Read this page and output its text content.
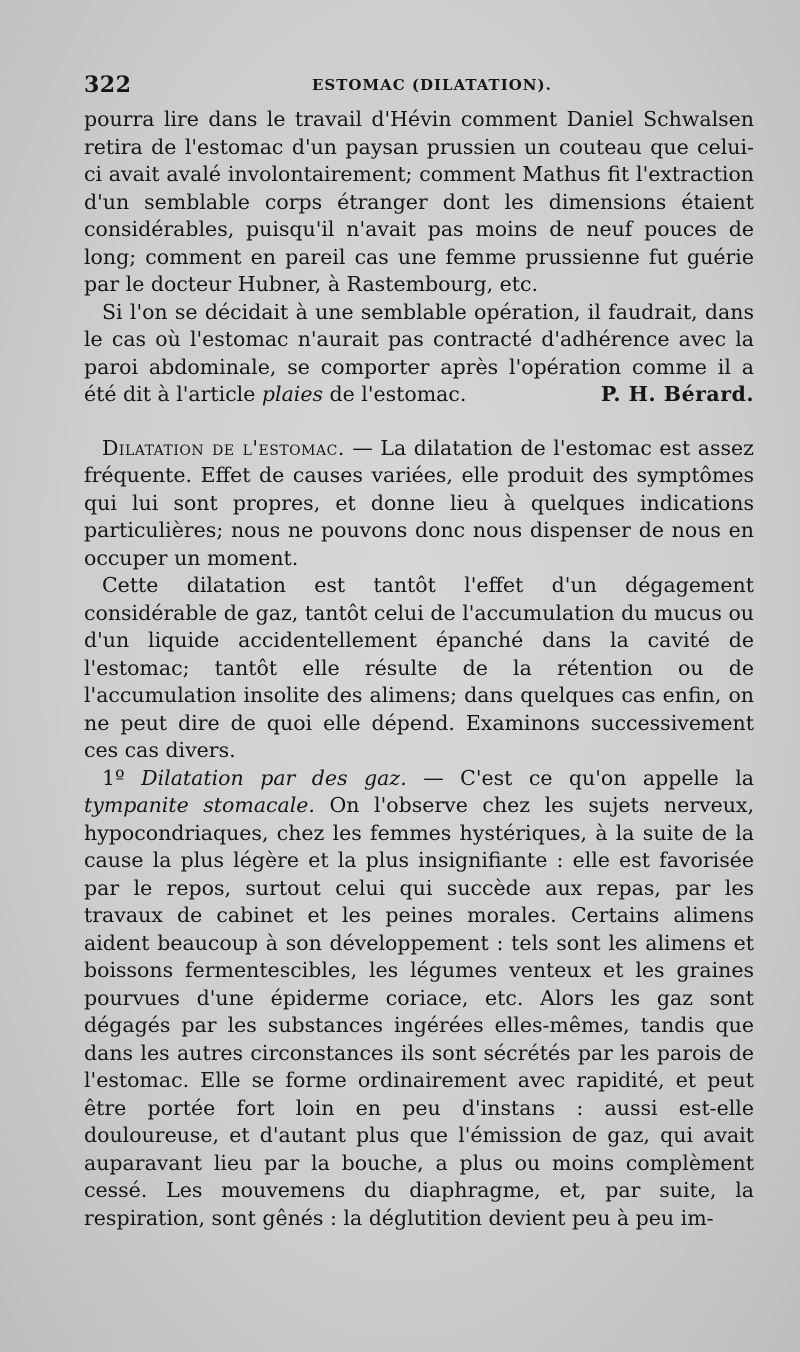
322	ESTOMAC (DILATATION).

pourra lire dans le travail d'Hévin comment Daniel Schwalsen retira de l'estomac d'un paysan prussien un couteau que celui-ci avait avalé involontairement; comment Mathus fit l'extraction d'un semblable corps étranger dont les dimensions étaient considérables, puisqu'il n'avait pas moins de neuf pouces de long; comment en pareil cas une femme prussienne fut guérie par le docteur Hubner, à Rastembourg, etc.

Si l'on se décidait à une semblable opération, il faudrait, dans le cas où l'estomac n'aurait pas contracté d'adhérence avec la paroi abdominale, se comporter après l'opération comme il a été dit à l'article plaies de l'estomac.	P. H. Bérard.

Dilatation de l'estomac. — La dilatation de l'estomac est assez fréquente. Effet de causes variées, elle produit des symptômes qui lui sont propres, et donne lieu à quelques indications particulières; nous ne pouvons donc nous dispenser de nous en occuper un moment.

Cette dilatation est tantôt l'effet d'un dégagement considérable de gaz, tantôt celui de l'accumulation du mucus ou d'un liquide accidentellement épanché dans la cavité de l'estomac; tantôt elle résulte de la rétention ou de l'accumulation insolite des alimens; dans quelques cas enfin, on ne peut dire de quoi elle dépend. Examinons successivement ces cas divers.

1º Dilatation par des gaz. — C'est ce qu'on appelle la tympanite stomacale. On l'observe chez les sujets nerveux, hypocondriaques, chez les femmes hystériques, à la suite de la cause la plus légère et la plus insignifiante : elle est favorisée par le repos, surtout celui qui succède aux repas, par les travaux de cabinet et les peines morales. Certains alimens aident beaucoup à son développement : tels sont les alimens et boissons fermentescibles, les légumes venteux et les graines pourvues d'une épiderme coriace, etc. Alors les gaz sont dégagés par les substances ingérées elles-mêmes, tandis que dans les autres circonstances ils sont sécrétés par les parois de l'estomac. Elle se forme ordinairement avec rapidité, et peut être portée fort loin en peu d'instans : aussi est-elle douloureuse, et d'autant plus que l'émission de gaz, qui avait auparavant lieu par la bouche, a plus ou moins complèment cessé. Les mouvemens du diaphragme, et, par suite, la respiration, sont gênés : la déglutition devient peu à peu im-
